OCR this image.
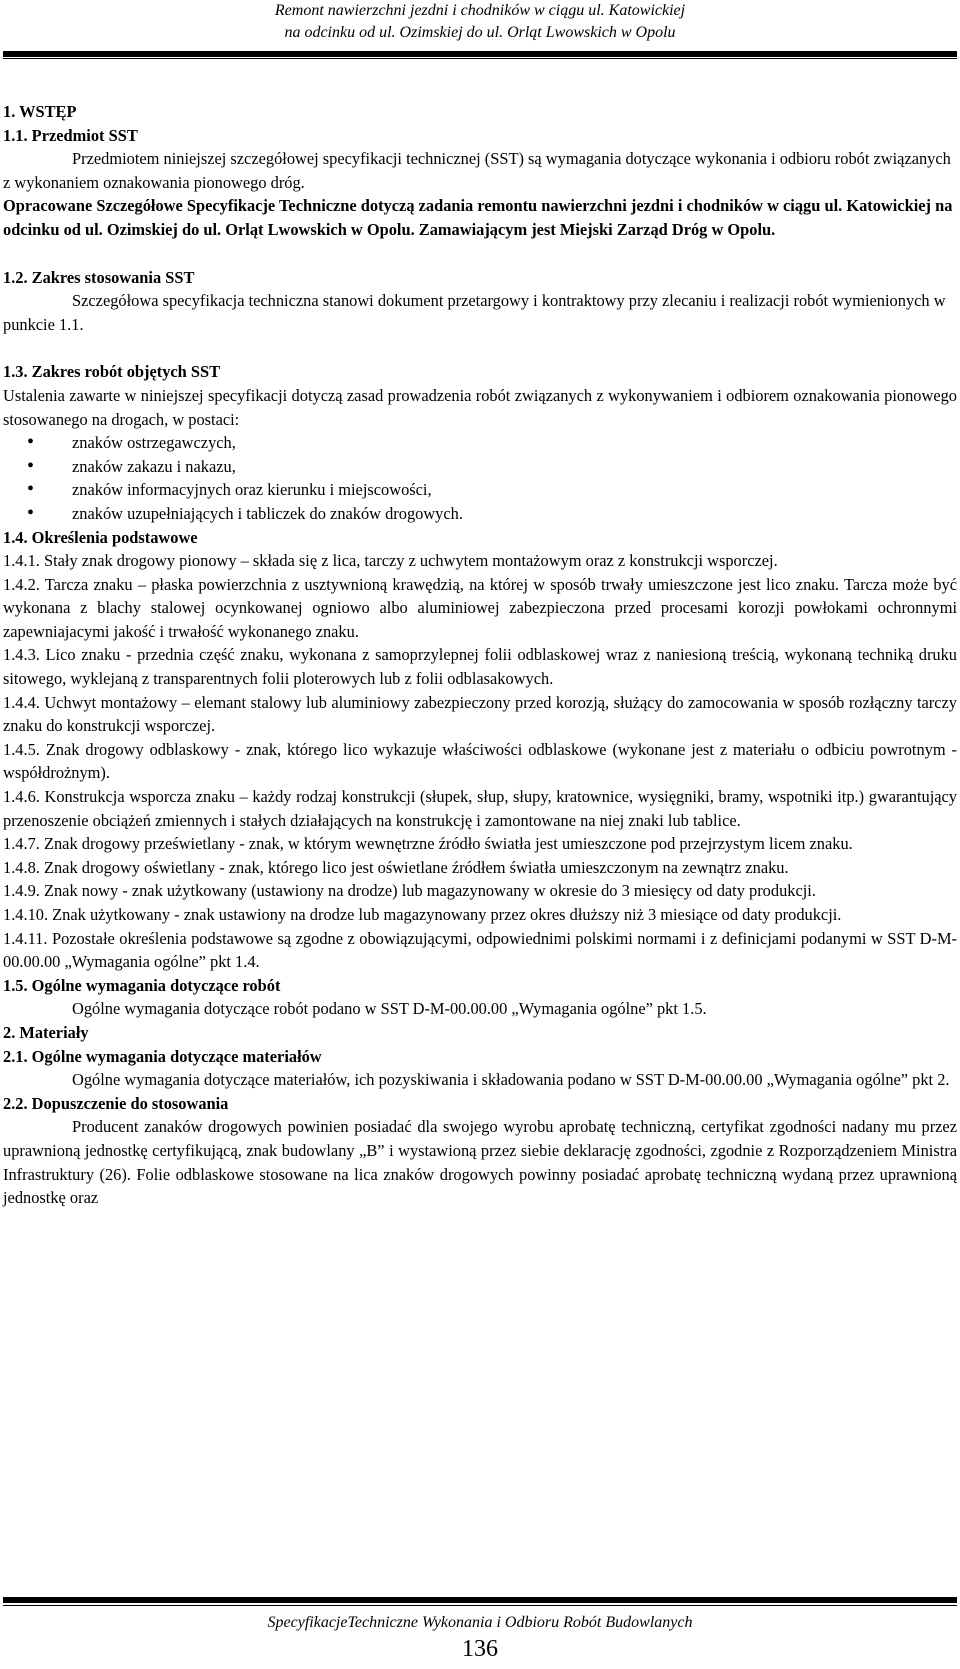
Remont nawierzchni jezdni i chodników w ciągu ul. Katowickiej
na odcinku od ul. Ozimskiej do ul. Orląt Lwowskich w Opolu

1. WSTĘP

1.1. Przedmiot SST

Przedmiotem niniejszej szczegółowej specyfikacji technicznej (SST) są wymagania dotyczące wykonania i odbioru robót związanych z wykonaniem oznakowania pionowego dróg.

Opracowane Szczegółowe Specyfikacje Techniczne dotyczą zadania remontu nawierzchni jezdni i chodników w ciągu ul. Katowickiej na odcinku od ul. Ozimskiej do ul. Orląt Lwowskich w Opolu. Zamawiającym jest Miejski Zarząd Dróg w Opolu.

1.2. Zakres stosowania SST

Szczegółowa specyfikacja techniczna stanowi dokument przetargowy i kontraktowy przy zlecaniu i realizacji robót wymienionych w punkcie 1.1.

1.3. Zakres robót objętych SST

Ustalenia zawarte w niniejszej specyfikacji dotyczą zasad prowadzenia robót związanych z wykonywaniem i odbiorem oznakowania pionowego stosowanego na drogach, w postaci:

• znaków ostrzegawczych,
• znaków zakazu i nakazu,
• znaków informacyjnych oraz kierunku i miejscowości,
• znaków uzupełniających i tabliczek do znaków drogowych.

1.4. Określenia podstawowe

1.4.1. Stały znak drogowy pionowy – składa się z lica, tarczy z uchwytem montażowym oraz z konstrukcji wsporczej.

1.4.2. Tarcza znaku – płaska powierzchnia z usztywnioną krawędzią, na której w sposób trwały umieszczone jest lico znaku. Tarcza może być wykonana z blachy stalowej ocynkowanej ogniowo albo aluminiowej zabezpieczona przed procesami korozji powłokami ochronnymi zapewniajacymi jakość i trwałość wykonanego znaku.

1.4.3. Lico znaku - przednia część znaku, wykonana z samoprzylepnej folii odblaskowej wraz z naniesioną treścią, wykonaną techniką druku sitowego, wyklejaną z transparentnych folii ploterowych lub z folii odblasakowych.

1.4.4. Uchwyt montażowy – elemant stalowy lub aluminiowy zabezpieczony przed korozją, służący do zamocowania w sposób rozłączny tarczy znaku do konstrukcji wsporczej.

1.4.5. Znak drogowy odblaskowy - znak, którego lico wykazuje właściwości odblaskowe (wykonane jest z materiału o odbiciu powrotnym - współdrożnym).

1.4.6. Konstrukcja wsporcza znaku – każdy rodzaj konstrukcji (słupek, słup, słupy, kratownice, wysięgniki, bramy, wspotniki itp.) gwarantujący przenoszenie obciążeń zmiennych i stałych działających na konstrukcję i zamontowane na niej znaki lub tablice.

1.4.7. Znak drogowy prześwietlany - znak, w którym wewnętrzne źródło światła jest umieszczone pod przejrzystym licem znaku.

1.4.8. Znak drogowy oświetlany - znak, którego lico jest oświetlane źródłem światła umieszczonym na zewnątrz znaku.

1.4.9. Znak nowy - znak użytkowany (ustawiony na drodze) lub magazynowany w okresie do 3 miesięcy od daty produkcji.

1.4.10. Znak użytkowany - znak ustawiony na drodze lub magazynowany przez okres dłuższy niż 3 miesiące od daty produkcji.

1.4.11. Pozostałe określenia podstawowe są zgodne z obowiązującymi, odpowiednimi polskimi normami i z definicjami podanymi w SST D-M-00.00.00 „Wymagania ogólne” pkt 1.4.

1.5. Ogólne wymagania dotyczące robót

Ogólne wymagania dotyczące robót podano w SST D-M-00.00.00 „Wymagania ogólne” pkt 1.5.

2. Materiały

2.1. Ogólne wymagania dotyczące materiałów

Ogólne wymagania dotyczące materiałów, ich pozyskiwania i składowania podano w SST D-M-00.00.00 „Wymagania ogólne” pkt 2.

2.2. Dopuszczenie do stosowania

Producent zanaków drogowych powinien posiadać dla swojego wyrobu aprobatę techniczną, certyfikat zgodności nadany mu przez uprawnioną jednostkę certyfikującą, znak budowlany „B” i wystawioną przez siebie deklarację zgodności, zgodnie z Rozporządzeniem Ministra Infrastruktury (26). Folie odblaskowe stosowane na lica znaków drogowych powinny posiadać aprobatę techniczną wydaną przez uprawnioną jednostkę oraz

SpecyfikacjeTechniczne Wykonania i Odbioru Robót Budowlanych
136
